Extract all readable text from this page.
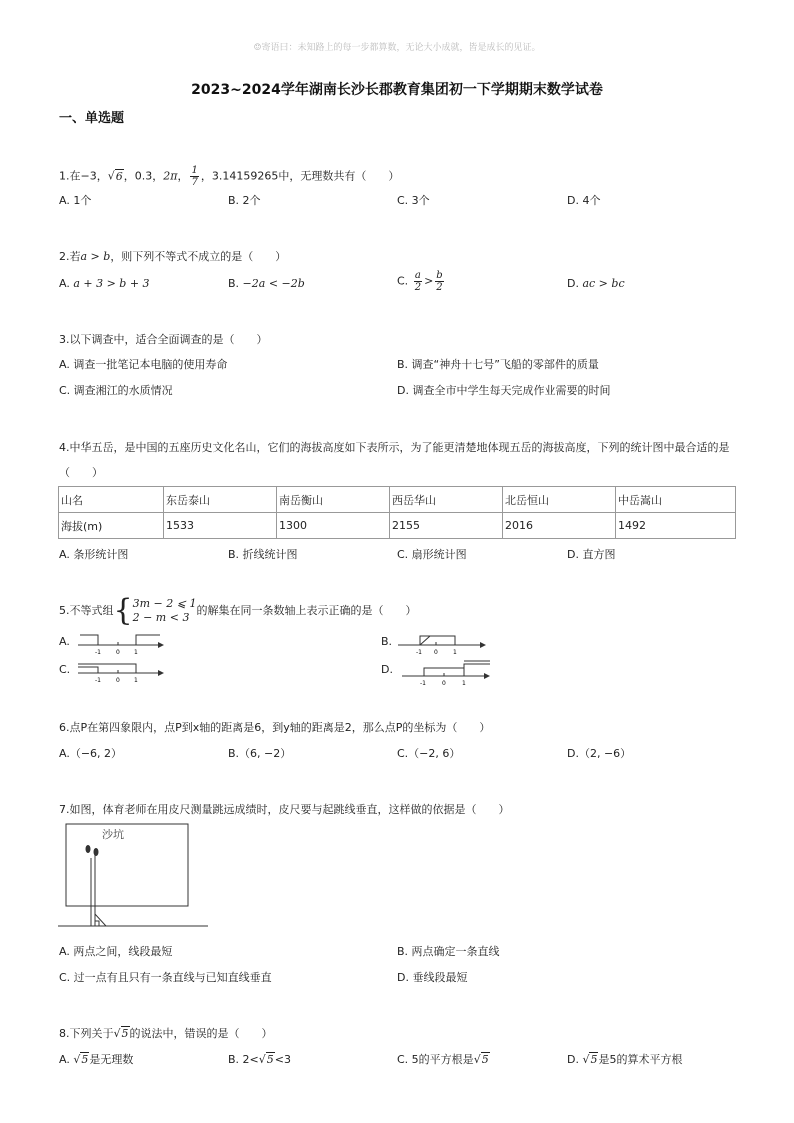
☺寄语曰：未知路上的每一步都算数，无论大小成就，皆是成长的见证。
2023~2024学年湖南长沙长郡教育集团初一下学期期末数学试卷
一、单选题
1.在−3，√6，0.3，2π， $\frac{1}{7}$ ，3.14159265中，无理数共有（　　）
A. 1个	B. 2个	C. 3个	D. 4个
2.若a > b，则下列不等式不成立的是（　　）
A. a + 3 > b + 3	B. −2a < −2b	C. $\frac{a}{2} > \frac{b}{2}$	D. ac > bc
3.以下调查中，适合全面调查的是（　　）
A. 调查一批笔记本电脑的使用寿命	B. 调查“神舟十七号”飞船的零部件的质量
C. 调查湘江的水质情况	D. 调查全市中学生每天完成作业需要的时间
4.中华五岳，是中国的五座历史文化名山，它们的海拔高度如下表所示，为了能更清楚地体现五岳的海拔高度，下列的统计图中最合适的是
（　　）
山名	东岳泰山	南岳衡山	西岳华山	北岳恒山	中岳嵩山
海拔(m)	1533	1300	2155	2016	1492
A. 条形统计图	B. 折线统计图	C. 扇形统计图	D. 直方图
5.不等式组{3m − 2 ⩽ 1
2 − m < 3的解集在同一条数轴上表示正确的是（　　）
A.	B.
C.	D.
-1	0 1	-1 0	1
-1	0 1	-1	0	1
6.点P在第四象限内，点P到x轴的距离是6，到y轴的距离是2，那么点P的坐标为（　　）
A.（−6, 2）	B.（6, −2）	C.（−2, 6）	D.（2, −6）
7.如图，体育老师在用皮尺测量跳远成绩时，皮尺要与起跳线垂直，这样做的依据是（　　）
沙坑
A. 两点之间，线段最短	B. 两点确定一条直线
C. 过一点有且只有一条直线与已知直线垂直	D. 垂线段最短
8.下列关于√5的说法中，错误的是（　　）
A. √5是无理数	B. 2<√5<3	C. 5的平方根是√5	D. √5是5的算术平方根
